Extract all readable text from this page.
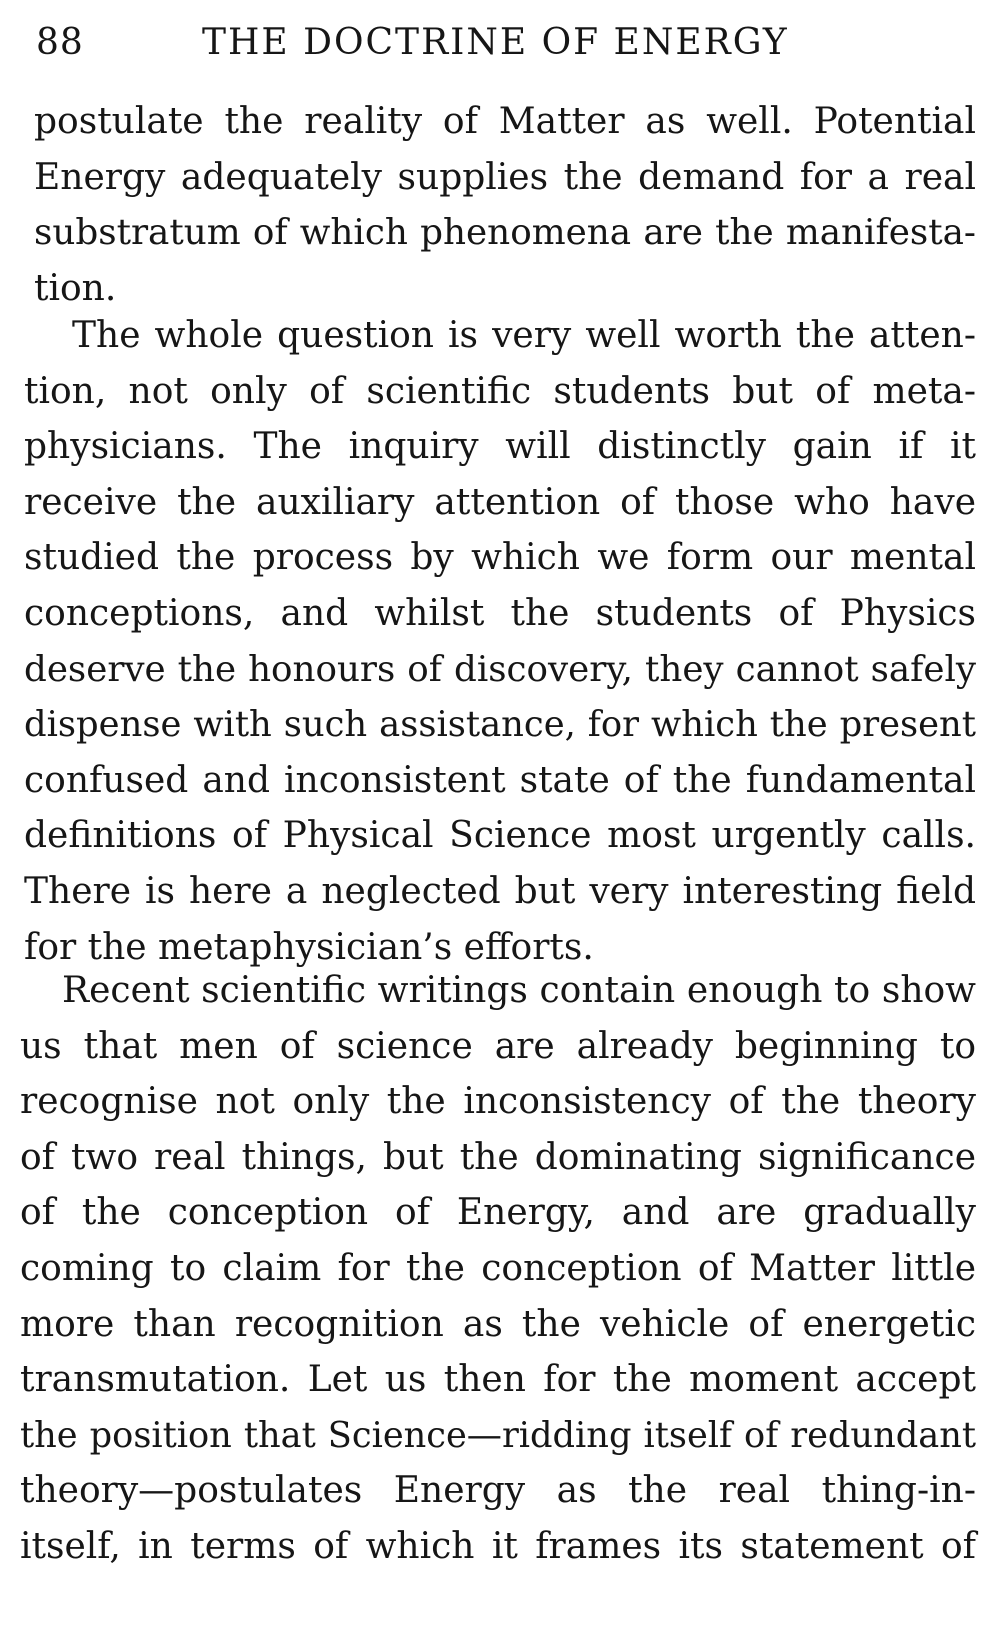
88	THE DOCTRINE OF ENERGY
postulate the reality of Matter as well. Potential
Energy adequately supplies the demand for a real
substratum of which phenomena are the manifesta-
tion.
The whole question is very well worth the atten-
tion, not only of scientific students but of meta-
physicians. The inquiry will distinctly gain if it
receive the auxiliary attention of those who have
studied the process by which we form our mental
conceptions, and whilst the students of Physics
deserve the honours of discovery, they cannot safely
dispense with such assistance, for which the present
confused and inconsistent state of the fundamental
definitions of Physical Science most urgently calls.
There is here a neglected but very interesting field
for the metaphysician’s efforts.
Recent scientific writings contain enough to show
us that men of science are already beginning to
recognise not only the inconsistency of the theory
of two real things, but the dominating significance
of the conception of Energy, and are gradually
coming to claim for the conception of Matter little
more than recognition as the vehicle of energetic
transmutation. Let us then for the moment accept
the position that Science—ridding itself of redundant
theory—postulates Energy as the real thing-in-
itself, in terms of which it frames its statement of
